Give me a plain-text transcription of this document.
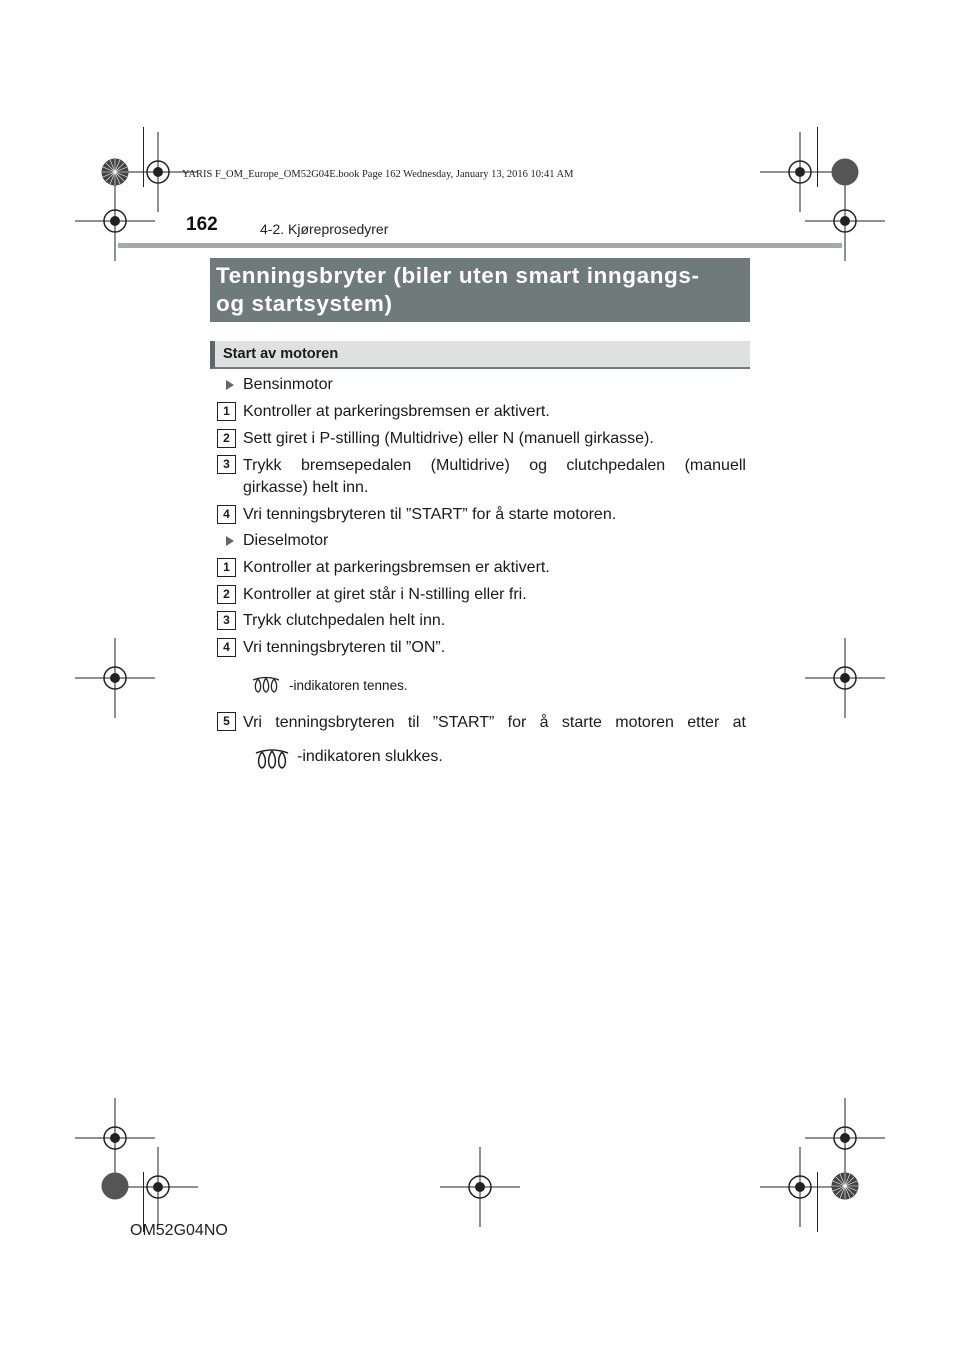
YARIS F_OM_Europe_OM52G04E.book Page 162 Wednesday, January 13, 2016 10:41 AM
162	4-2. Kjøreprosedyrer
Tenningsbryter (biler uten smart inngangs-
og startsystem)
Start av motoren
Bensinmotor
1 Kontroller at parkeringsbremsen er aktivert.
2 Sett giret i P-stilling (Multidrive) eller N (manuell girkasse).
3 Trykk bremsepedalen (Multidrive) og clutchpedalen (manuell
girkasse) helt inn.
4 Vri tenningsbryteren til ”START” for å starte motoren.
Dieselmotor
1 Kontroller at parkeringsbremsen er aktivert.
2 Kontroller at giret står i N-stilling eller fri.
3 Trykk clutchpedalen helt inn.
4 Vri tenningsbryteren til ”ON”.
-indikatoren tennes.
5 Vri tenningsbryteren til ”START” for å starte motoren etter at
-indikatoren slukkes.
OM52G04NO
